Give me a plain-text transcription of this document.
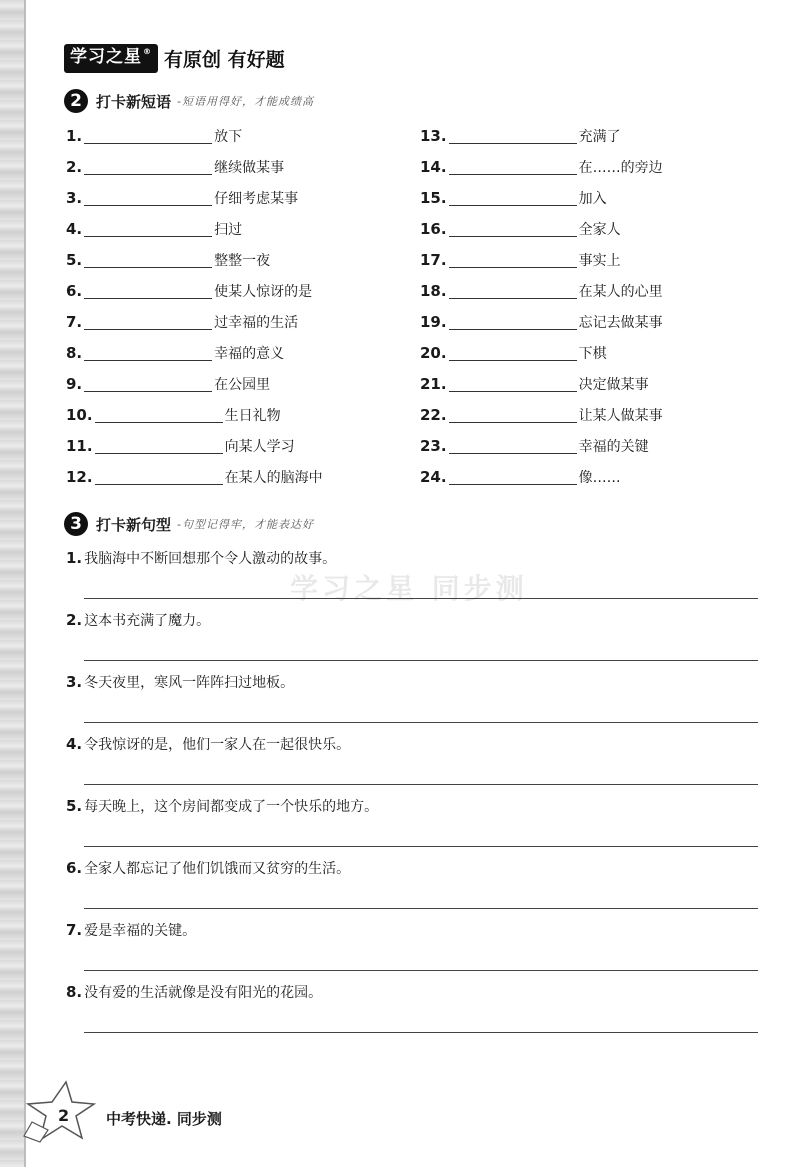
学习之星® 有原创 有好题
2 打卡新短语 -短语用得好，才能成绩高
1.	放下
2.	继续做某事
3.	仔细考虑某事
4.	扫过
5.	整整一夜
6.	使某人惊讶的是
7.	过幸福的生活
8.	幸福的意义
9.	在公园里
10.	生日礼物
11.	向某人学习
12.	在某人的脑海中
13.	充满了
14.	在……的旁边
15.	加入
16.	全家人
17.	事实上
18.	在某人的心里
19.	忘记去做某事
20.	下棋
21.	决定做某事
22.	让某人做某事
23.	幸福的关键
24.	像……
3 打卡新句型 -句型记得牢，才能表达好
学习之星 同步测
1. 我脑海中不断回想那个令人激动的故事。
2. 这本书充满了魔力。
3. 冬天夜里，寒风一阵阵扫过地板。
4. 令我惊讶的是，他们一家人在一起很快乐。
5. 每天晚上，这个房间都变成了一个快乐的地方。
6. 全家人都忘记了他们饥饿而又贫穷的生活。
7. 爱是幸福的关键。
8. 没有爱的生活就像是没有阳光的花园。
2 中考快递. 同步测
